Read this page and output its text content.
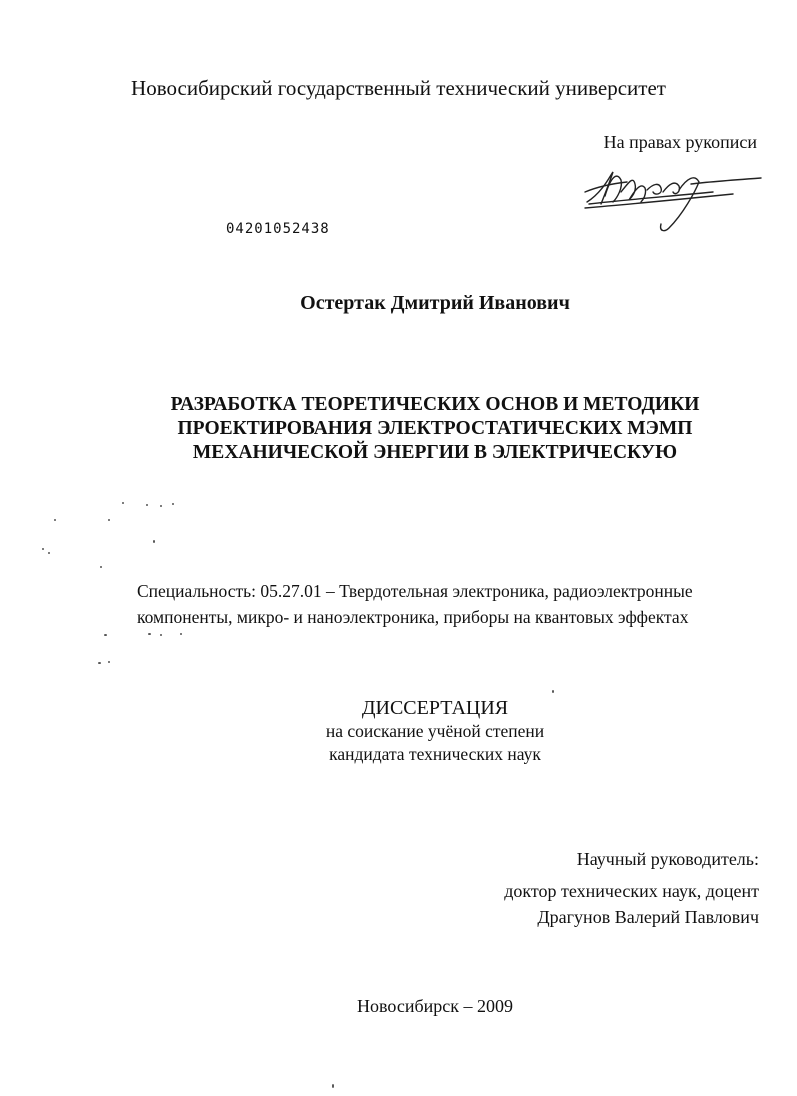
Новосибирский государственный технический университет
На правах рукописи
04201052438
Остертак Дмитрий Иванович
РАЗРАБОТКА ТЕОРЕТИЧЕСКИХ ОСНОВ И МЕТОДИКИ
ПРОЕКТИРОВАНИЯ ЭЛЕКТРОСТАТИЧЕСКИХ МЭМП
МЕХАНИЧЕСКОЙ ЭНЕРГИИ В ЭЛЕКТРИЧЕСКУЮ
Специальность: 05.27.01 – Твердотельная электроника, радиоэлектронные
компоненты, микро- и наноэлектроника, приборы на квантовых эффектах
ДИССЕРТАЦИЯ
на соискание учёной степени
кандидата технических наук
Научный руководитель:
доктор технических наук, доцент
Драгунов Валерий Павлович
Новосибирск – 2009
